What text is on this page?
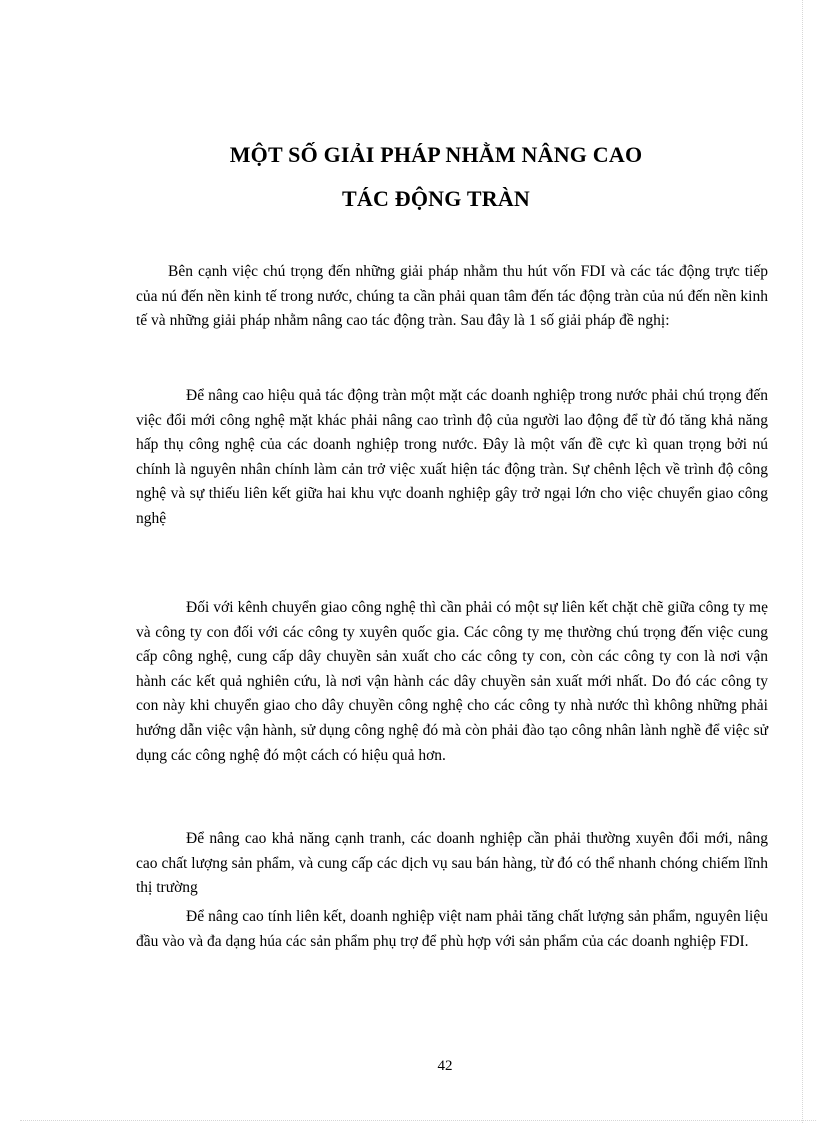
MỘT SỐ GIẢI PHÁP NHẰM NÂNG CAO
TÁC ĐỘNG TRÀN

Bên cạnh việc chú trọng đến những giải pháp nhằm thu hút vốn FDI và các tác động trực tiếp của nú đến nền kinh tế trong nước, chúng ta cần phải quan tâm đến tác động tràn của nú đến nền kinh tế và những giải pháp nhằm nâng cao tác động tràn. Sau đây là 1 số giải pháp đề nghị:

Để nâng cao hiệu quả tác động tràn một mặt các doanh nghiệp trong nước phải chú trọng đến việc đổi mới công nghệ mặt khác phải nâng cao trình độ của người lao động để từ đó tăng khả năng hấp thụ công nghệ của các doanh nghiệp trong nước. Đây là một vấn đề cực kì quan trọng bởi nú chính là nguyên nhân chính làm cản trở việc xuất hiện tác động tràn. Sự chênh lệch về trình độ công nghệ và sự thiếu liên kết giữa hai khu vực doanh nghiệp gây trở ngại lớn cho việc chuyển giao công nghệ

Đối với kênh chuyển giao công nghệ thì cần phải có một sự liên kết chặt chẽ giữa công ty mẹ và công ty con đối với các công ty xuyên quốc gia. Các công ty mẹ thường chú trọng đến việc cung cấp công nghệ, cung cấp dây chuyền sản xuất cho các công ty con, còn các công ty con là nơi vận hành các kết quả nghiên cứu, là nơi vận hành các dây chuyền sản xuất mới nhất. Do đó các công ty con này khi chuyển giao cho dây chuyền công nghệ cho các công ty nhà nước thì không những phải hướng dẫn việc vận hành, sử dụng công nghệ đó mà còn phải đào tạo công nhân lành nghề để việc sử dụng các công nghệ đó một cách có hiệu quả hơn.

Để nâng cao khả năng cạnh tranh, các doanh nghiệp cần phải thường xuyên đổi mới, nâng cao chất lượng sản phẩm, và cung cấp các dịch vụ sau bán hàng, từ đó có thể nhanh chóng chiếm lĩnh thị trường

Để nâng cao tính liên kết, doanh nghiệp việt nam phải tăng chất lượng sản phẩm, nguyên liệu đầu vào và đa dạng húa các sản phẩm phụ trợ để phù hợp với sản phẩm của các doanh nghiệp FDI.

42
